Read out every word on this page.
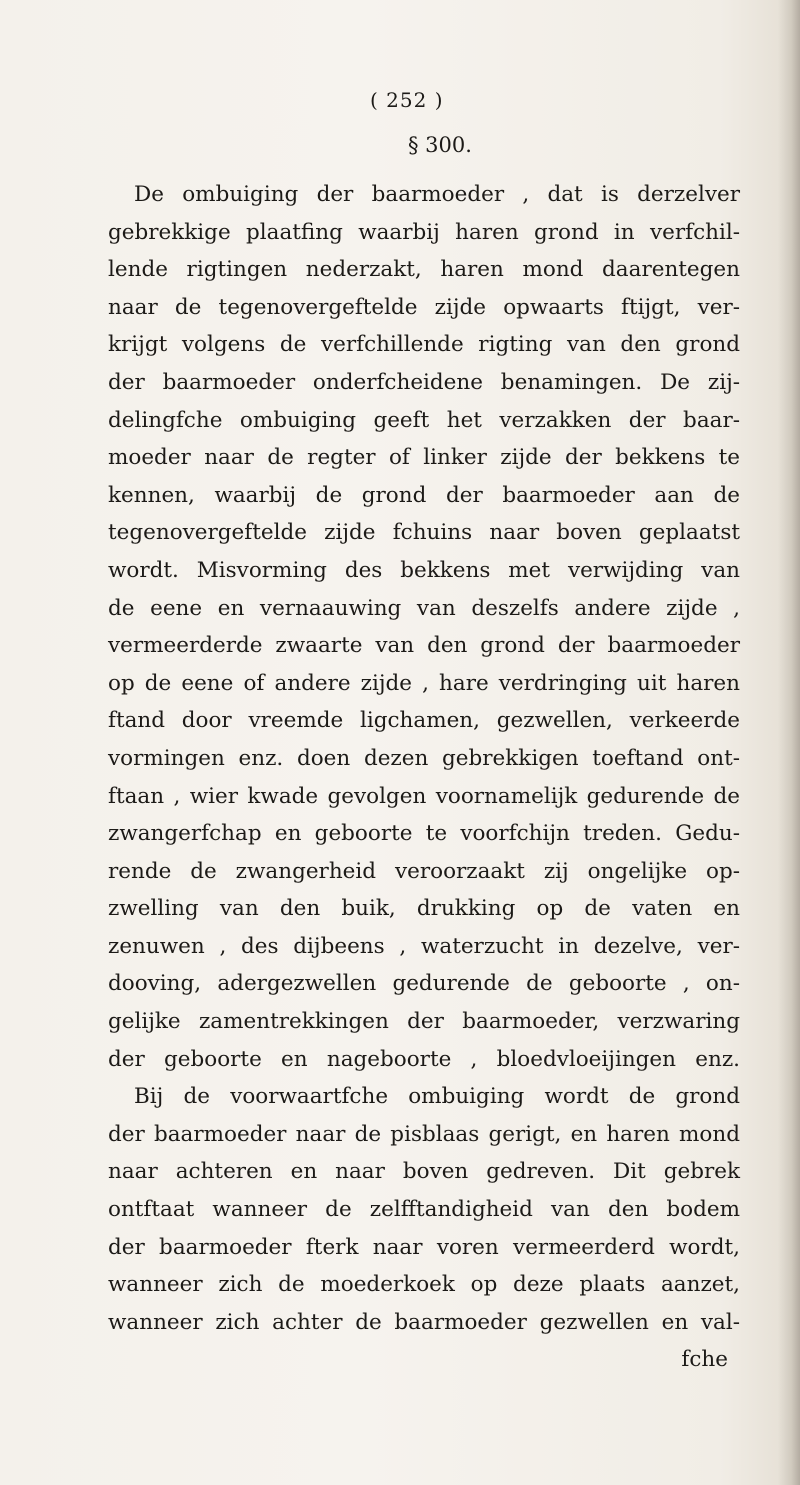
( 252 )
§ 300.
De ombuiging der baarmoeder , dat is derzelver
gebrekkige plaatfing waarbij haren grond in verfchil-
lende rigtingen nederzakt, haren mond daarentegen
naar de tegenovergeftelde zijde opwaarts ftijgt, ver-
krijgt volgens de verfchillende rigting van den grond
der baarmoeder onderfcheidene benamingen. De zij-
delingfche ombuiging geeft het verzakken der baar-
moeder naar de regter of linker zijde der bekkens te
kennen, waarbij de grond der baarmoeder aan de
tegenovergeftelde zijde fchuins naar boven geplaatst
wordt. Misvorming des bekkens met verwijding van
de eene en vernaauwing van deszelfs andere zijde ,
vermeerderde zwaarte van den grond der baarmoeder
op de eene of andere zijde , hare verdringing uit haren
ftand door vreemde ligchamen, gezwellen, verkeerde
vormingen enz. doen dezen gebrekkigen toeftand ont-
ftaan , wier kwade gevolgen voornamelijk gedurende de
zwangerfchap en geboorte te voorfchijn treden. Gedu-
rende de zwangerheid veroorzaakt zij ongelijke op-
zwelling van den buik, drukking op de vaten en
zenuwen , des dijbeens , waterzucht in dezelve, ver-
dooving, adergezwellen gedurende de geboorte , on-
gelijke zamentrekkingen der baarmoeder, verzwaring
der geboorte en nageboorte , bloedvloeijingen enz.
Bij de voorwaartfche ombuiging wordt de grond
der baarmoeder naar de pisblaas gerigt, en haren mond
naar achteren en naar boven gedreven. Dit gebrek
ontftaat wanneer de zelfftandigheid van den bodem
der baarmoeder fterk naar voren vermeerderd wordt,
wanneer zich de moederkoek op deze plaats aanzet,
wanneer zich achter de baarmoeder gezwellen en val-
fche
